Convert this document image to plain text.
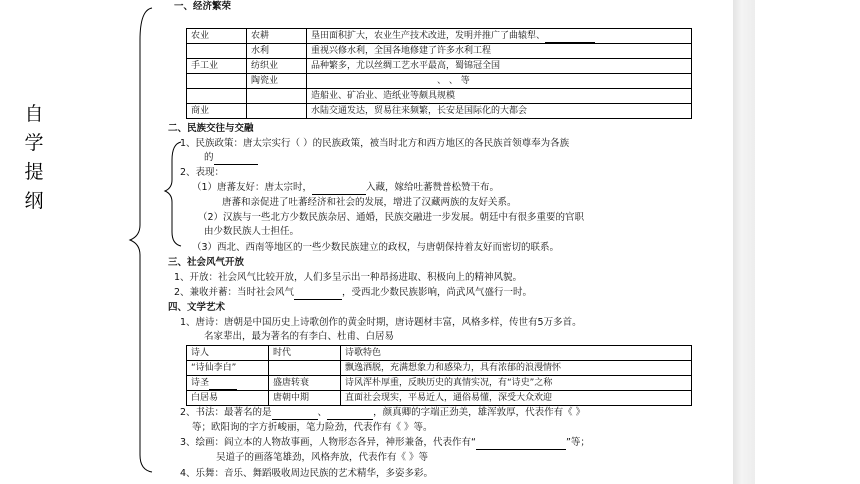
自
学
提
纲
一、经济繁荣
农业	农耕	垦田面积扩大，农业生产技术改进，发明并推广了曲辕犁、
	水利	重视兴修水利，全国各地修建了许多水利工程
手工业	纺织业	品种繁多，尤以丝绸工艺水平最高，蜀锦冠全国
	陶瓷业	、 、 等
		造船业、矿冶业、造纸业等颇具规模
商业		水陆交通发达，贸易往来频繁，长安是国际化的大都会
二、民族交往与交融
1、民族政策：唐太宗实行（ ）的民族政策，被当时北方和西方地区的各民族首领尊奉为各族
的
2、表现：
（1）唐蕃友好：唐太宗时，	入藏，嫁给吐蕃赞普松赞干布。
唐蕃和亲促进了吐蕃经济和社会的发展，增进了汉藏两族的友好关系。
（2）汉族与一些北方少数民族杂居、通婚，民族交融进一步发展。朝廷中有很多重要的官职
由少数民族人士担任。
（3）西北、西南等地区的一些少数民族建立的政权，与唐朝保持着友好而密切的联系。
三、社会风气开放
1、开放：社会风气比较开放，人们多呈示出一种昂扬进取、积极向上的精神风貌。
2、兼收并蓄：当时社会风气	，受西北少数民族影响，尚武风气盛行一时。
四、文学艺术
1、唐诗：唐朝是中国历史上诗歌创作的黄金时期，唐诗题材丰富，风格多样，传世有5万多首。
名家辈出，最为著名的有李白、杜甫、白居易
诗人	时代	诗歌特色
“诗仙李白”		飘逸洒脱，充满想象力和感染力，具有浓郁的浪漫情怀
诗圣	盛唐转衰	诗风浑朴厚重，反映历史的真情实况，有“诗史”之称
白居易	唐朝中期	直面社会现实，平易近人，通俗易懂，深受大众欢迎
2、书法：最著名的是	、	，颜真卿的字端正劲美，雄浑敦厚，代表作有《 》
等；欧阳询的字方折峻丽，笔力险劲，代表作有《 》等。
3、绘画：阎立本的人物故事画，人物形态各异，神形兼备，代表作有“	”等；
吴道子的画落笔雄劲，风格奔放，代表作有《 》等
4、乐舞：音乐、舞蹈吸收周边民族的艺术精华，多姿多彩。
